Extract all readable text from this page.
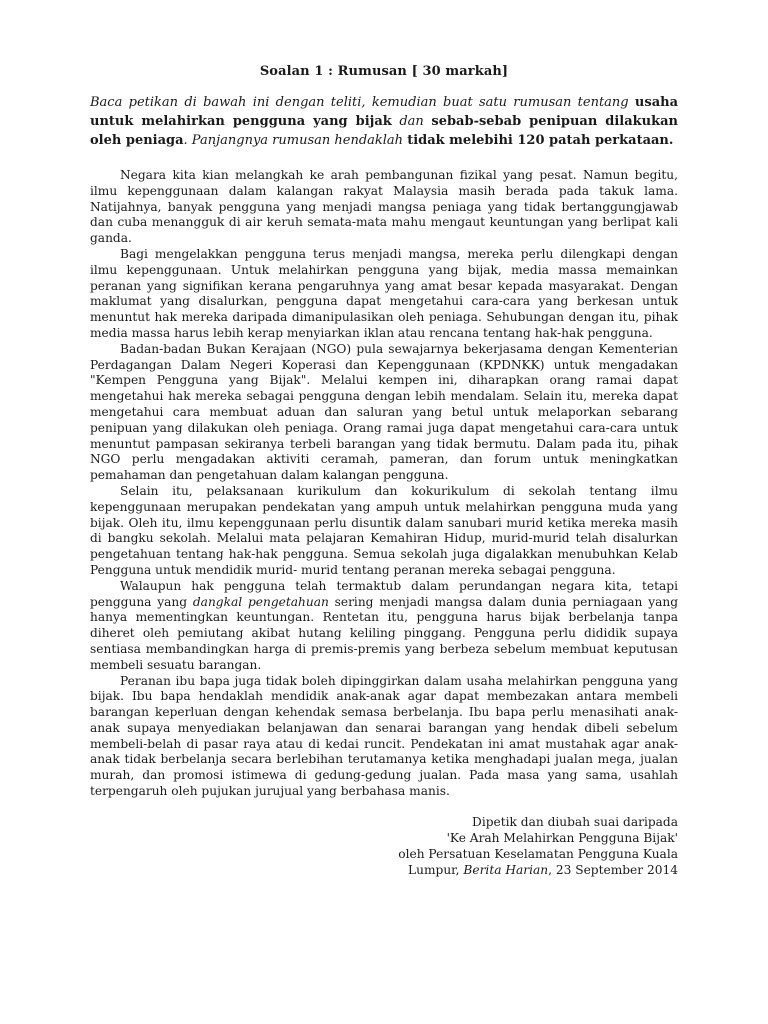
Soalan 1 : Rumusan [ 30 markah]
Baca petikan di bawah ini dengan teliti, kemudian buat satu rumusan tentang usaha untuk melahirkan pengguna yang bijak dan sebab-sebab penipuan dilakukan oleh peniaga. Panjangnya rumusan hendaklah tidak melebihi 120 patah perkataan.

Negara kita kian melangkah ke arah pembangunan fizikal yang pesat. Namun begitu, ilmu kepenggunaan dalam kalangan rakyat Malaysia masih berada pada takuk lama. Natijahnya, banyak pengguna yang menjadi mangsa peniaga yang tidak bertanggungjawab dan cuba menangguk di air keruh semata-mata mahu mengaut keuntungan yang berlipat kali ganda.

Bagi mengelakkan pengguna terus menjadi mangsa, mereka perlu dilengkapi dengan ilmu kepenggunaan. Untuk melahirkan pengguna yang bijak, media massa memainkan peranan yang signifikan kerana pengaruhnya yang amat besar kepada masyarakat. Dengan maklumat yang disalurkan, pengguna dapat mengetahui cara-cara yang berkesan untuk menuntut hak mereka daripada dimanipulasikan oleh peniaga. Sehubungan dengan itu, pihak media massa harus lebih kerap menyiarkan iklan atau rencana tentang hak-hak pengguna.

Badan-badan Bukan Kerajaan (NGO) pula sewajarnya bekerjasama dengan Kementerian Perdagangan Dalam Negeri Koperasi dan Kepenggunaan (KPDNKK) untuk mengadakan "Kempen Pengguna yang Bijak". Melalui kempen ini, diharapkan orang ramai dapat mengetahui hak mereka sebagai pengguna dengan lebih mendalam. Selain itu, mereka dapat mengetahui cara membuat aduan dan saluran yang betul untuk melaporkan sebarang penipuan yang dilakukan oleh peniaga. Orang ramai juga dapat mengetahui cara-cara untuk menuntut pampasan sekiranya terbeli barangan yang tidak bermutu. Dalam pada itu, pihak NGO perlu mengadakan aktiviti ceramah, pameran, dan forum untuk meningkatkan pemahaman dan pengetahuan dalam kalangan pengguna.

Selain itu, pelaksanaan kurikulum dan kokurikulum di sekolah tentang ilmu kepenggunaan merupakan pendekatan yang ampuh untuk melahirkan pengguna muda yang bijak. Oleh itu, ilmu kepenggunaan perlu disuntik dalam sanubari murid ketika mereka masih di bangku sekolah. Melalui mata pelajaran Kemahiran Hidup, murid-murid telah disalurkan pengetahuan tentang hak-hak pengguna. Semua sekolah juga digalakkan menubuhkan Kelab Pengguna untuk mendidik murid- murid tentang peranan mereka sebagai pengguna.

Walaupun hak pengguna telah termaktub dalam perundangan negara kita, tetapi pengguna yang dangkal pengetahuan sering menjadi mangsa dalam dunia perniagaan yang hanya mementingkan keuntungan. Rentetan itu, pengguna harus bijak berbelanja tanpa diheret oleh pemiutang akibat hutang keliling pinggang. Pengguna perlu dididik supaya sentiasa membandingkan harga di premis-premis yang berbeza sebelum membuat keputusan membeli sesuatu barangan.

Peranan ibu bapa juga tidak boleh dipinggirkan dalam usaha melahirkan pengguna yang bijak. Ibu bapa hendaklah mendidik anak-anak agar dapat membezakan antara membeli barangan keperluan dengan kehendak semasa berbelanja. Ibu bapa perlu menasihati anak-anak supaya menyediakan belanjawan dan senarai barangan yang hendak dibeli sebelum membeli-belah di pasar raya atau di kedai runcit. Pendekatan ini amat mustahak agar anak-anak tidak berbelanja secara berlebihan terutamanya ketika menghadapi jualan mega, jualan murah, dan promosi istimewa di gedung-gedung jualan. Pada masa yang sama, usahlah terpengaruh oleh pujukan jurujual yang berbahasa manis.

Dipetik dan diubah suai daripada
'Ke Arah Melahirkan Pengguna Bijak'
oleh Persatuan Keselamatan Pengguna Kuala
Lumpur, Berita Harian, 23 September 2014
